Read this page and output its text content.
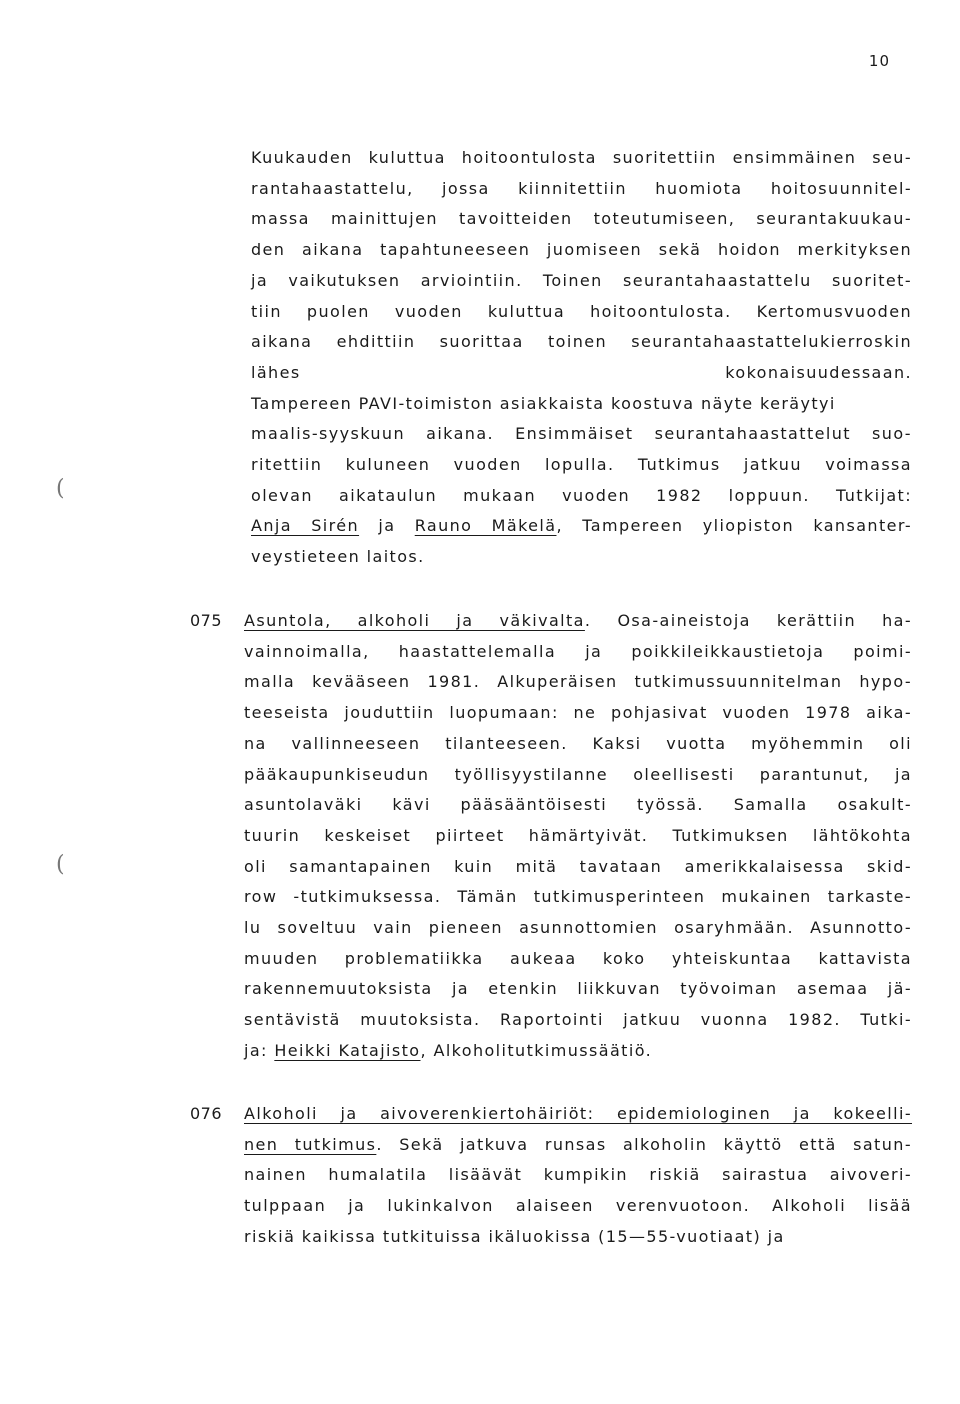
10
(
(
Kuukauden kuluttua hoitoontulosta suoritettiin ensimmäinen seu-
rantahaastattelu, jossa kiinnitettiin huomiota hoitosuunnitel-
massa mainittujen tavoitteiden toteutumiseen, seurantakuukau-
den aikana tapahtuneeseen juomiseen sekä hoidon merkityksen
ja vaikutuksen arviointiin. Toinen seurantahaastattelu suoritet-
tiin puolen vuoden kuluttua hoitoontulosta. Kertomusvuoden
aikana ehdittiin suorittaa toinen seurantahaastattelukierroskin
lähes kokonaisuudessaan.
Tampereen PAVI-toimiston asiakkaista koostuva näyte keräytyi
maalis-syyskuun aikana. Ensimmäiset seurantahaastattelut suo-
ritettiin kuluneen vuoden lopulla. Tutkimus jatkuu voimassa
olevan aikataulun mukaan vuoden 1982 loppuun. Tutkijat:
Anja Sirén ja Rauno Mäkelä, Tampereen yliopiston kansanter-
veystieteen laitos.
075 Asuntola, alkoholi ja väkivalta. Osa-aineistoja kerättiin ha-
vainnoimalla, haastattelemalla ja poikkileikkaustietoja poimi-
malla kevääseen 1981. Alkuperäisen tutkimussuunnitelman hypo-
teeseista jouduttiin luopumaan: ne pohjasivat vuoden 1978 aika-
na vallinneeseen tilanteeseen. Kaksi vuotta myöhemmin oli
pääkaupunkiseudun työllisyystilanne oleellisesti parantunut, ja
asuntolaväki kävi pääsääntöisesti työssä. Samalla osakult-
tuurin keskeiset piirteet hämärtyivät. Tutkimuksen lähtökohta
oli samantapainen kuin mitä tavataan amerikkalaisessa skid-
row -tutkimuksessa. Tämän tutkimusperinteen mukainen tarkaste-
lu soveltuu vain pieneen asunnottomien osaryhmään. Asunnotto-
muuden problematiikka aukeaa koko yhteiskuntaa kattavista
rakennemuutoksista ja etenkin liikkuvan työvoiman asemaa jä-
sentävistä muutoksista. Raportointi jatkuu vuonna 1982. Tutki-
ja: Heikki Katajisto, Alkoholitutkimussäätiö.
076 Alkoholi ja aivoverenkiertohäiriöt: epidemiologinen ja kokeelli-
nen tutkimus. Sekä jatkuva runsas alkoholin käyttö että satun-
nainen humalatila lisäävät kumpikin riskiä sairastua aivoveri-
tulppaan ja lukinkalvon alaiseen verenvuotoon. Alkoholi lisää
riskiä kaikissa tutkituissa ikäluokissa (15—55-vuotiaat) ja
